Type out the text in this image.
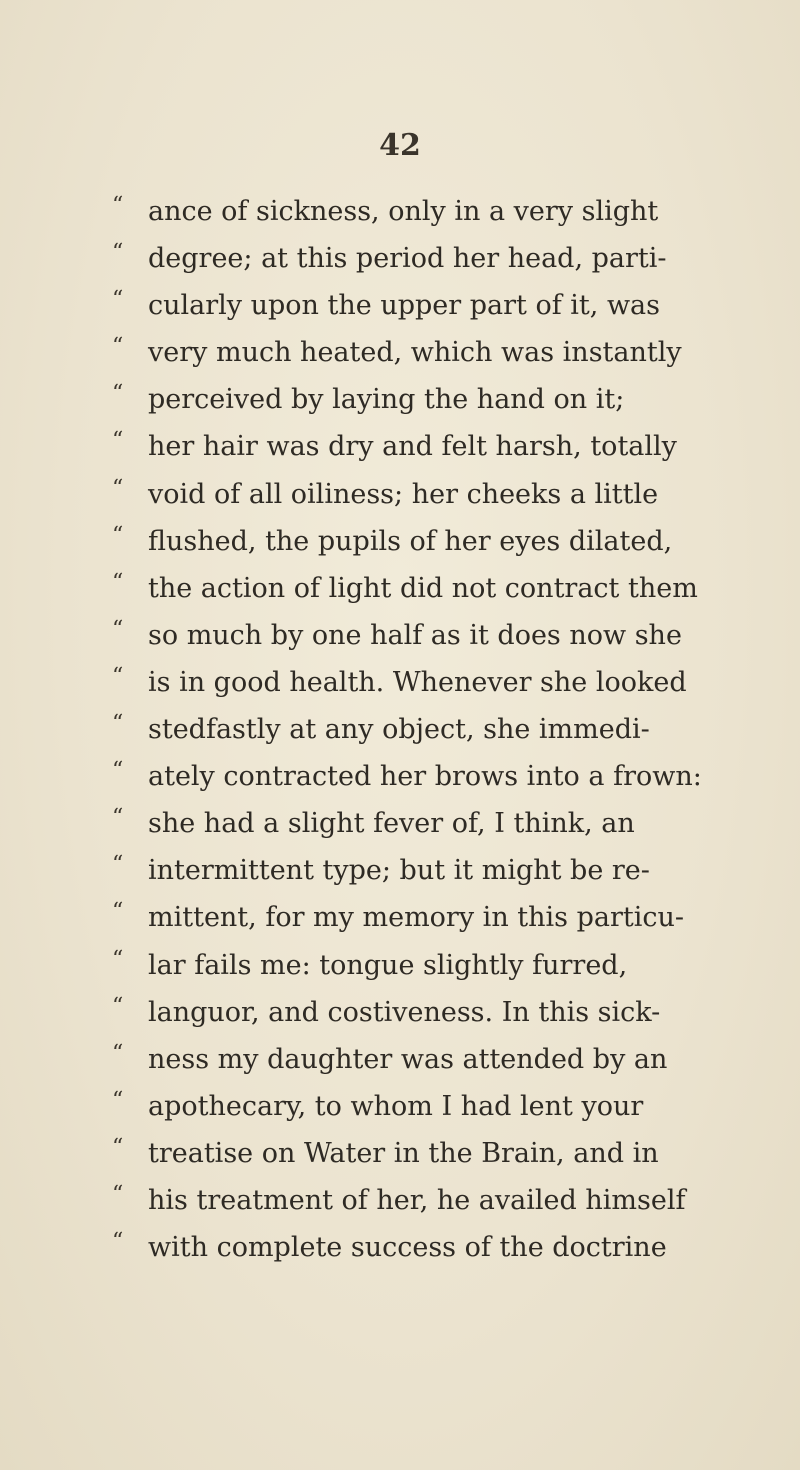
42
“ ance of sickness, only in a very slight
“ degree; at this period her head, parti-
“ cularly upon the upper part of it, was
“ very much heated, which was instantly
“ perceived by laying the hand on it;
“ her hair was dry and felt harsh, totally
“ void of all oiliness; her cheeks a little
“ flushed, the pupils of her eyes dilated,
“ the action of light did not contract them
“ so much by one half as it does now she
“ is in good health. Whenever she looked
“ stedfastly at any object, she immedi-
“ ately contracted her brows into a frown:
“ she had a slight fever of, I think, an
“ intermittent type; but it might be re-
“ mittent, for my memory in this particu-
“ lar fails me: tongue slightly furred,
“ languor, and costiveness. In this sick-
“ ness my daughter was attended by an
“ apothecary, to whom I had lent your
“ treatise on Water in the Brain, and in
“ his treatment of her, he availed himself
“ with complete success of the doctrine
